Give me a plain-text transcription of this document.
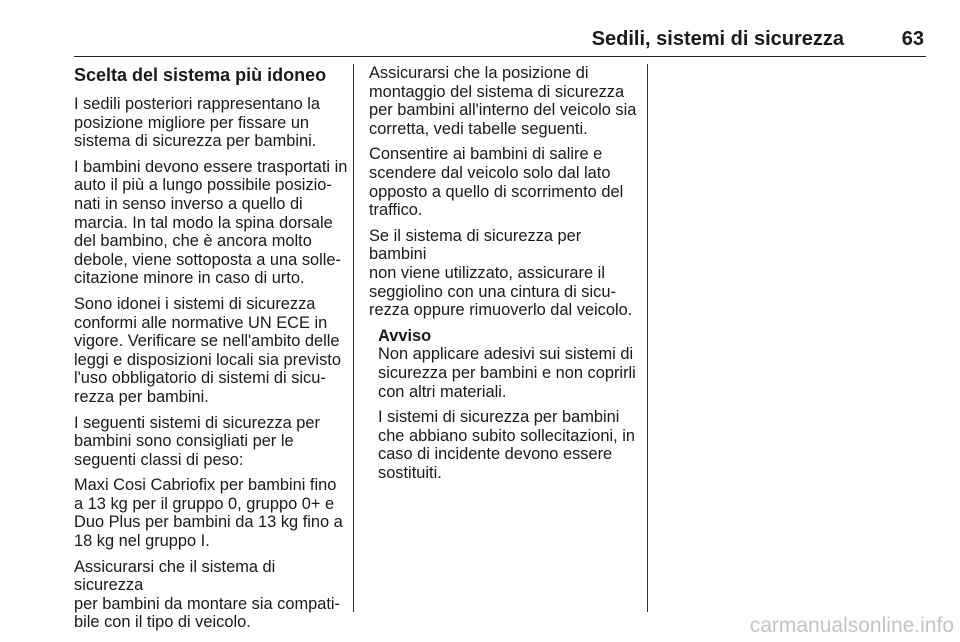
Sedili, sistemi di sicurezza	63
Scelta del sistema più idoneo

I sedili posteriori rappresentano la
posizione migliore per fissare un
sistema di sicurezza per bambini.

I bambini devono essere trasportati in
auto il più a lungo possibile posizio-
nati in senso inverso a quello di
marcia. In tal modo la spina dorsale
del bambino, che è ancora molto
debole, viene sottoposta a una solle-
citazione minore in caso di urto.

Sono idonei i sistemi di sicurezza
conformi alle normative UN ECE in
vigore. Verificare se nell'ambito delle
leggi e disposizioni locali sia previsto
l'uso obbligatorio di sistemi di sicu-
rezza per bambini.

I seguenti sistemi di sicurezza per
bambini sono consigliati per le
seguenti classi di peso:

Maxi Cosi Cabriofix per bambini fino
a 13 kg per il gruppo 0, gruppo 0+ e
Duo Plus per bambini da 13 kg fino a
18 kg nel gruppo I.

Assicurarsi che il sistema di sicurezza
per bambini da montare sia compati-
bile con il tipo di veicolo.

Assicurarsi che la posizione di
montaggio del sistema di sicurezza
per bambini all'interno del veicolo sia
corretta, vedi tabelle seguenti.

Consentire ai bambini di salire e
scendere dal veicolo solo dal lato
opposto a quello di scorrimento del
traffico.

Se il sistema di sicurezza per bambini
non viene utilizzato, assicurare il
seggiolino con una cintura di sicu-
rezza oppure rimuoverlo dal veicolo.

Avviso

Non applicare adesivi sui sistemi di
sicurezza per bambini e non coprirli
con altri materiali.

I sistemi di sicurezza per bambini
che abbiano subito sollecitazioni, in
caso di incidente devono essere
sostituiti.

carmanualsonline.info
